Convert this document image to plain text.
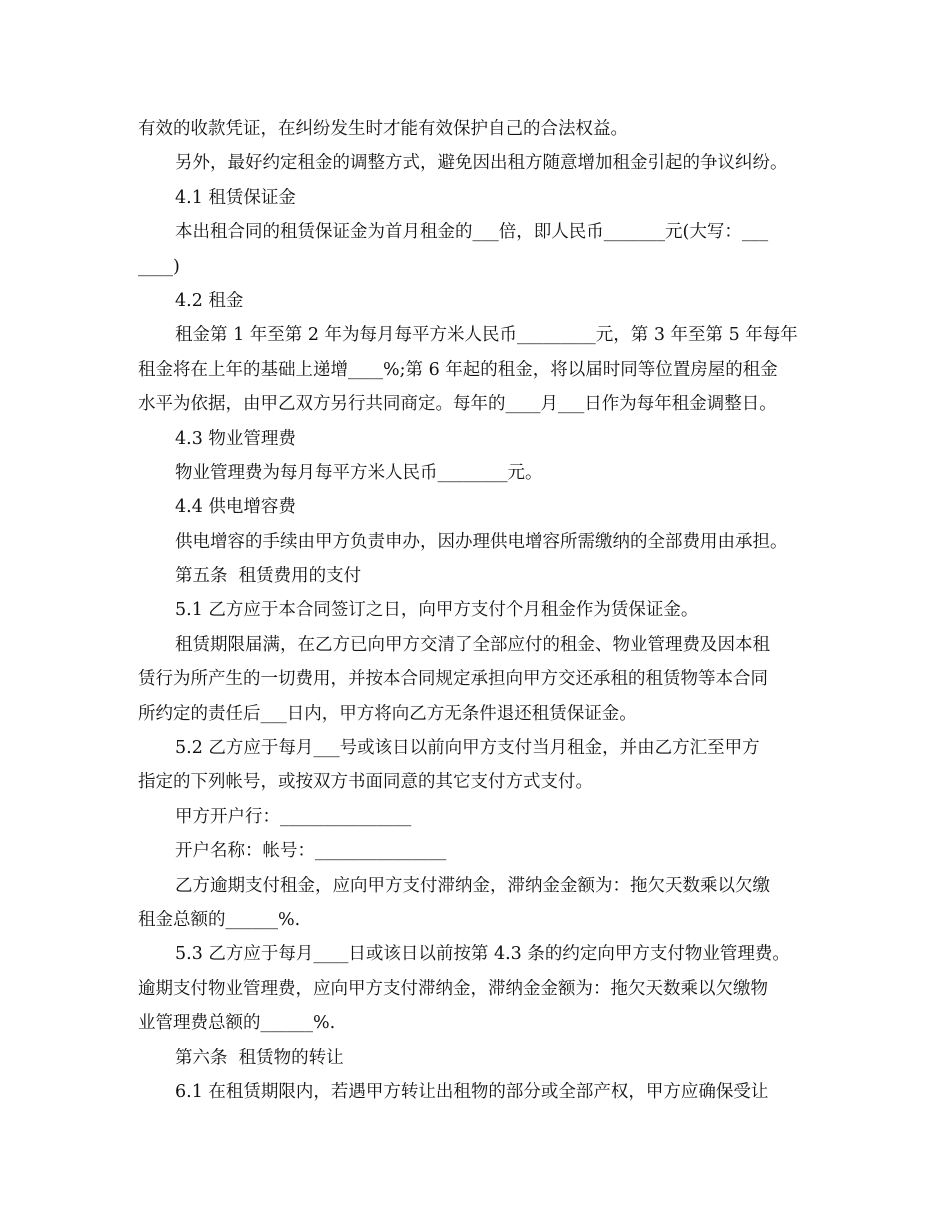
有效的收款凭证，在纠纷发生时才能有效保护自己的合法权益。
另外，最好约定租金的调整方式，避免因出租方随意增加租金引起的争议纠纷。
4.1 租赁保证金
本出租合同的租赁保证金为首月租金的___倍，即人民币_______元(大写：___
____)
4.2 租金
租金第 1 年至第 2 年为每月每平方米人民币_________元，第 3 年至第 5 年每年
租金将在上年的基础上递增____%;第 6 年起的租金，将以届时同等位置房屋的租金
水平为依据，由甲乙双方另行共同商定。每年的____月___日作为每年租金调整日。
4.3 物业管理费
物业管理费为每月每平方米人民币________元。
4.4 供电增容费
供电增容的手续由甲方负责申办，因办理供电增容所需缴纳的全部费用由承担。
第五条  租赁费用的支付
5.1 乙方应于本合同签订之日，向甲方支付个月租金作为赁保证金。
租赁期限届满，在乙方已向甲方交清了全部应付的租金、物业管理费及因本租
赁行为所产生的一切费用，并按本合同规定承担向甲方交还承租的租赁物等本合同
所约定的责任后___日内，甲方将向乙方无条件退还租赁保证金。
5.2 乙方应于每月___号或该日以前向甲方支付当月租金，并由乙方汇至甲方
指定的下列帐号，或按双方书面同意的其它支付方式支付。
甲方开户行：_______________
开户名称：帐号：_______________
乙方逾期支付租金，应向甲方支付滞纳金，滞纳金金额为：拖欠天数乘以欠缴
租金总额的______%.
5.3 乙方应于每月____日或该日以前按第 4.3 条的约定向甲方支付物业管理费。
逾期支付物业管理费，应向甲方支付滞纳金，滞纳金金额为：拖欠天数乘以欠缴物
业管理费总额的______%.
第六条  租赁物的转让
6.1 在租赁期限内，若遇甲方转让出租物的部分或全部产权，甲方应确保受让
